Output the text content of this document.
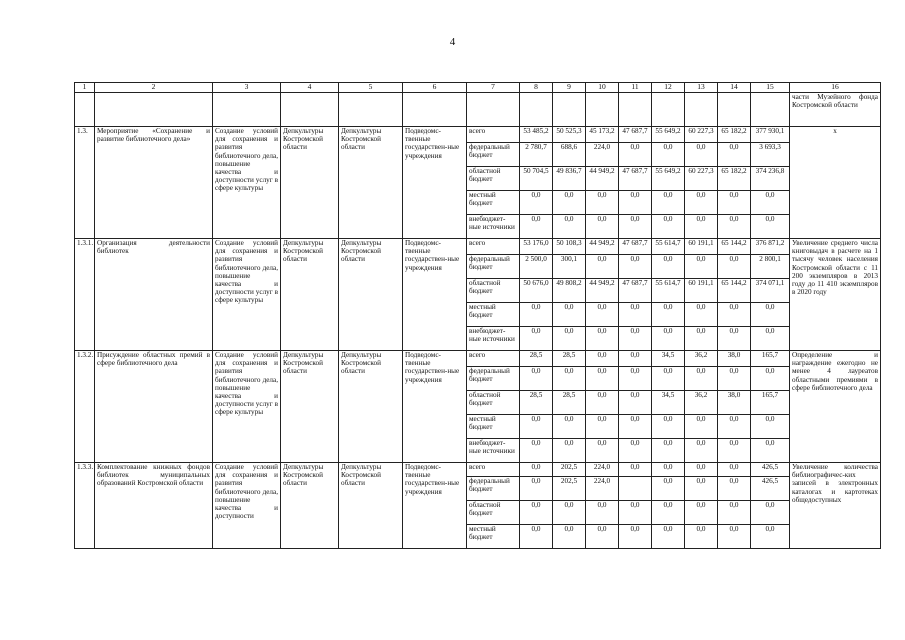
4
1	2	3	4	5	6	7	8	9	10	11	12	13	14	15	16
															части Музейного фонда Костромской области
1.3.	Мероприятие «Сохранение и развитие библиотечного дела»	Создание условий для сохранения и развития библиотечного дела, повышение качества и доступности услуг в сфере культуры	Депкультуры Костромской области	Депкультуры Костромской области	Подведомс-твенные государствен-ные учреждения	всего	53 485,2	50 525,3	45 173,2	47 687,7	55 649,2	60 227,3	65 182,2	377 930,1	х
						федеральный бюджет	2 780,7	688,6	224,0	0,0	0,0	0,0	0,0	3 693,3	
						областной бюджет	50 704,5	49 836,7	44 949,2	47 687,7	55 649,2	60 227,3	65 182,2	374 236,8	
						местный бюджет	0,0	0,0	0,0	0,0	0,0	0,0	0,0	0,0	
						внебюджет-ные источники	0,0	0,0	0,0	0,0	0,0	0,0	0,0	0,0	
1.3.1.	Организация деятельности библиотек	Создание условий для сохранения и развития библиотечного дела, повышение качества и доступности услуг в сфере культуры	Депкультуры Костромской области	Депкультуры Костромской области	Подведомс-твенные государствен-ные учреждения	всего	53 176,0	50 108,3	44 949,2	47 687,7	55 614,7	60 191,1	65 144,2	376 871,2	Увеличение среднего числа книговыдач в расчете на 1 тысячу человек населения Костромской области с 11 200 экземпляров в 2013 году до 11 410 экземпляров в 2020 году
						федеральный бюджет	2 500,0	300,1	0,0	0,0	0,0	0,0	0,0	2 800,1	
						областной бюджет	50 676,0	49 808,2	44 949,2	47 687,7	55 614,7	60 191,1	65 144,2	374 071,1	
						местный бюджет	0,0	0,0	0,0	0,0	0,0	0,0	0,0	0,0	
						внебюджет-ные источники	0,0	0,0	0,0	0,0	0,0	0,0	0,0	0,0	
1.3.2.	Присуждение областных премий в сфере библиотечного дела	Создание условий для сохранения и развития библиотечного дела, повышение качества и доступности услуг в сфере культуры	Депкультуры Костромской области	Депкультуры Костромской области	Подведомс-твенные государствен-ные учреждения	всего	28,5	28,5	0,0	0,0	34,5	36,2	38,0	165,7	Определение и награждение ежегодно не менее 4 лауреатов областными премиями в сфере библиотечного дела
						федеральный бюджет	0,0	0,0	0,0	0,0	0,0	0,0	0,0	0,0	
						областной бюджет	28,5	28,5	0,0	0,0	34,5	36,2	38,0	165,7	
						местный бюджет	0,0	0,0	0,0	0,0	0,0	0,0	0,0	0,0	
						внебюджет-ные источники	0,0	0,0	0,0	0,0	0,0	0,0	0,0	0,0	
1.3.3.	Комплектование книжных фондов библиотек муниципальных образований Костромской области	Создание условий для сохранения и развития библиотечного дела, повышение качества и доступности	Депкультуры Костромской области	Депкультуры Костромской области	Подведомс-твенные государствен-ные учреждения	всего	0,0	202,5	224,0	0,0	0,0	0,0	0,0	426,5	Увеличение количества библиографичес-ких записей в электронных каталогах и картотеках общедоступных
						федеральный бюджет	0,0	202,5	224,0		0,0	0,0	0,0	426,5	
						областной бюджет	0,0	0,0	0,0	0,0	0,0	0,0	0,0	0,0	
						местный бюджет	0,0	0,0	0,0	0,0	0,0	0,0	0,0	0,0	
